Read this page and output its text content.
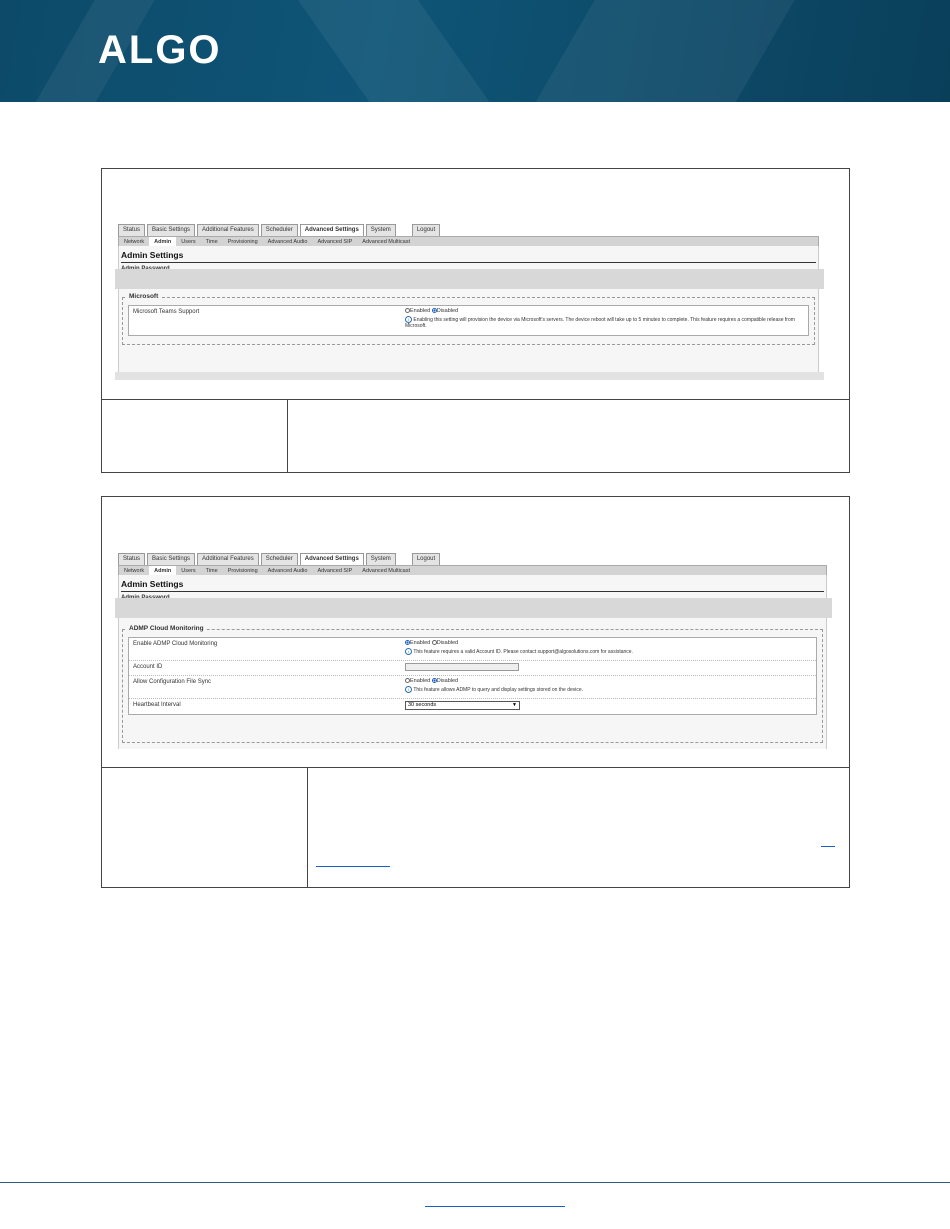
ALGO
Status	Basic Settings	Additional Features	Scheduler	Advanced Settings	System	Logout
Network	Admin	Users	Time	Provisioning	Advanced Audio	Advanced SIP	Advanced Multicast
Admin Settings
Microsoft
Microsoft Teams Support	Enabled Disabled
i Enabling this setting will provision the device via Microsoft's servers. The device reboot will take up to 5 minutes to complete. This feature requires a compatible release from Microsoft.
Status	Basic Settings	Additional Features	Scheduler	Advanced Settings	System	Logout
Network	Admin	Users	Time	Provisioning	Advanced Audio	Advanced SIP	Advanced Multicast
Admin Settings
ADMP Cloud Monitoring
Enable ADMP Cloud Monitoring	Enabled Disabled
i This feature requires a valid Account ID. Please contact support@algosolutions.com for assistance.
Account ID
Allow Configuration File Sync	Enabled Disabled
i This feature allows ADMP to query and display settings stored on the device.
Heartbeat Interval	30 seconds	▼
